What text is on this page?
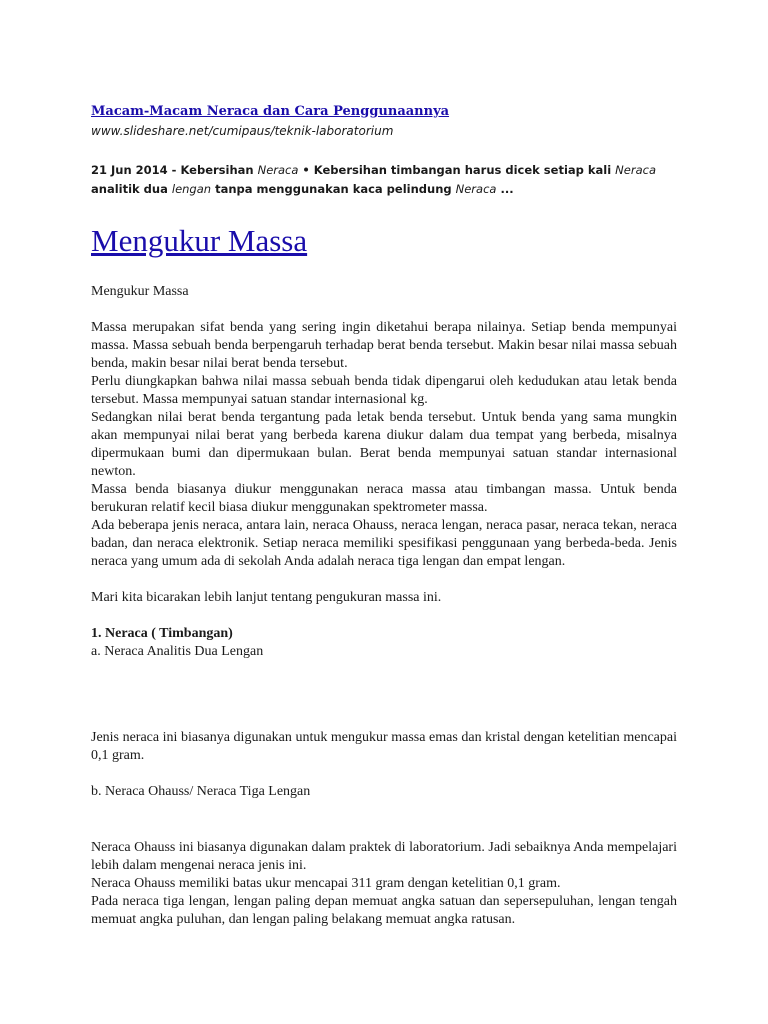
Macam-Macam Neraca dan Cara Penggunaannya
www.slideshare.net/cumipaus/teknik-laboratorium
21 Jun 2014 - Kebersihan Neraca • Kebersihan timbangan harus dicek setiap kali Neraca analitik dua lengan tanpa menggunakan kaca pelindung Neraca ...
Mengukur Massa
Mengukur Massa

Massa merupakan sifat benda yang sering ingin diketahui berapa nilainya. Setiap benda mempunyai massa. Massa sebuah benda berpengaruh terhadap berat benda tersebut. Makin besar nilai massa sebuah benda, makin besar nilai berat benda tersebut.

Perlu diungkapkan bahwa nilai massa sebuah benda tidak dipengarui oleh kedudukan atau letak benda tersebut. Massa mempunyai satuan standar internasional kg.

Sedangkan nilai berat benda tergantung pada letak benda tersebut. Untuk benda yang sama mungkin akan mempunyai nilai berat yang berbeda karena diukur dalam dua tempat yang berbeda, misalnya dipermukaan bumi dan dipermukaan bulan. Berat benda mempunyai satuan standar internasional newton.

Massa benda biasanya diukur menggunakan neraca massa atau timbangan massa. Untuk benda berukuran relatif kecil biasa diukur menggunakan spektrometer massa.

Ada beberapa jenis neraca, antara lain, neraca Ohauss, neraca lengan, neraca pasar, neraca tekan, neraca badan, dan neraca elektronik. Setiap neraca memiliki spesifikasi penggunaan yang berbeda-beda. Jenis neraca yang umum ada di sekolah Anda adalah neraca tiga lengan dan empat lengan.

Mari kita bicarakan lebih lanjut tentang pengukuran massa ini.

1. Neraca ( Timbangan)
a. Neraca Analitis Dua Lengan

Jenis neraca ini biasanya digunakan untuk mengukur massa emas dan kristal dengan ketelitian mencapai 0,1 gram.

b. Neraca Ohauss/ Neraca Tiga Lengan

Neraca Ohauss ini biasanya digunakan dalam praktek di laboratorium. Jadi sebaiknya Anda mempelajari lebih dalam mengenai neraca jenis ini.

Neraca Ohauss memiliki batas ukur mencapai 311 gram dengan ketelitian 0,1 gram.

Pada neraca tiga lengan, lengan paling depan memuat angka satuan dan sepersepuluhan, lengan tengah memuat angka puluhan, dan lengan paling belakang memuat angka ratusan.
